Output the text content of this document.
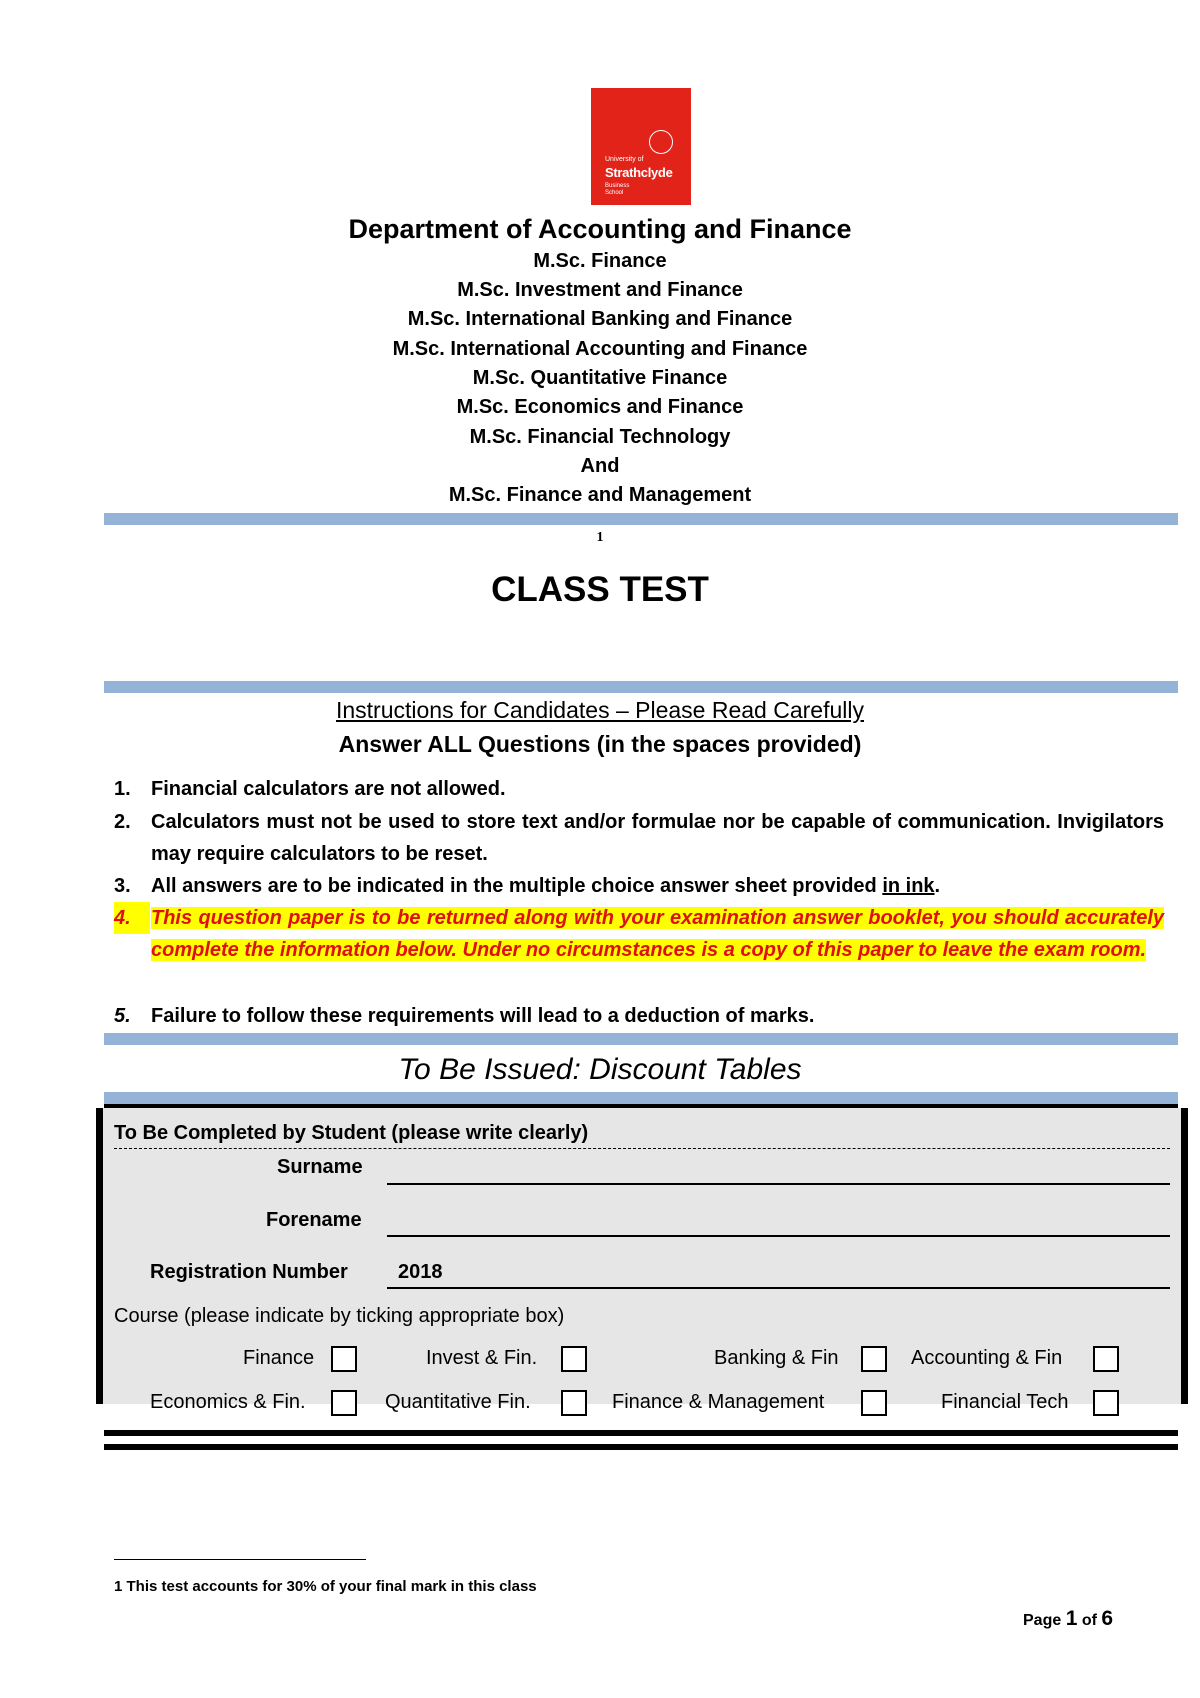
University of
Strathclyde
Business
School
Department of Accounting and Finance
M.Sc. Finance
M.Sc. Investment and Finance
M.Sc. International Banking and Finance
M.Sc. International Accounting and Finance
M.Sc. Quantitative Finance
M.Sc. Economics and Finance
M.Sc. Financial Technology
And
M.Sc. Finance and Management
1
CLASS TEST
Instructions for Candidates – Please Read Carefully
Answer ALL Questions (in the spaces provided)
1.	Financial calculators are not allowed.
2.	Calculators must not be used to store text and/or formulae nor be capable of communication. Invigilators may require calculators to be reset.
3.	All answers are to be indicated in the multiple choice answer sheet provided in ink.
4.	This question paper is to be returned along with your examination answer booklet, you should accurately complete the information below. Under no circumstances is a copy of this paper to leave the exam room.
5.	Failure to follow these requirements will lead to a deduction of marks.
To Be Issued: Discount Tables
To Be Completed by Student (please write clearly)
Surname
Forename
Registration Number	2018
Course (please indicate by ticking appropriate box)
Finance	Invest & Fin.	Banking & Fin	Accounting & Fin
Economics & Fin.	Quantitative Fin.	Finance & Management	Financial Tech
1 This test accounts for 30% of your final mark in this class
Page 1 of 6
